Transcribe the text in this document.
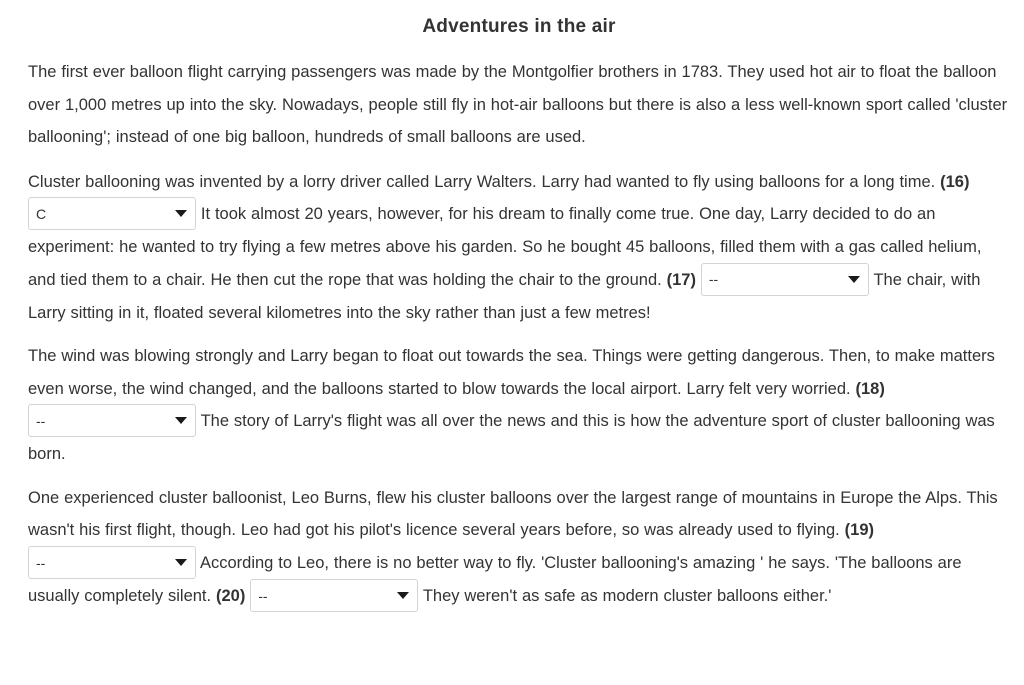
Adventures in the air

The first ever balloon flight carrying passengers was made by the Montgolfier brothers in 1783. They used hot air to float the balloon over 1,000 metres up into the sky. Nowadays, people still fly in hot-air balloons but there is also a less well-known sport called 'cluster ballooning'; instead of one big balloon, hundreds of small balloons are used.

Cluster ballooning was invented by a lorry driver called Larry Walters. Larry had wanted to fly using balloons for a long time. (16)
C	It took almost 20 years, however, for his dream to finally come true. One day, Larry decided to do an experiment: he wanted to try flying a few metres above his garden. So he bought 45 balloons, filled them with a gas called helium, and tied them to a chair. He then cut the rope that was holding the chair to the ground. (17) --	The chair, with Larry sitting in it, floated several kilometres into the sky rather than just a few metres!

The wind was blowing strongly and Larry began to float out towards the sea. Things were getting dangerous. Then, to make matters even worse, the wind changed, and the balloons started to blow towards the local airport. Larry felt very worried. (18)
--	The story of Larry's flight was all over the news and this is how the adventure sport of cluster ballooning was born.

One experienced cluster balloonist, Leo Burns, flew his cluster balloons over the largest range of mountains in Europe the Alps. This wasn't his first flight, though. Leo had got his pilot's licence several years before, so was already used to flying. (19)
--	According to Leo, there is no better way to fly. 'Cluster ballooning's amazing ' he says. 'The balloons are usually completely silent. (20) --	They weren't as safe as modern cluster balloons either.'
